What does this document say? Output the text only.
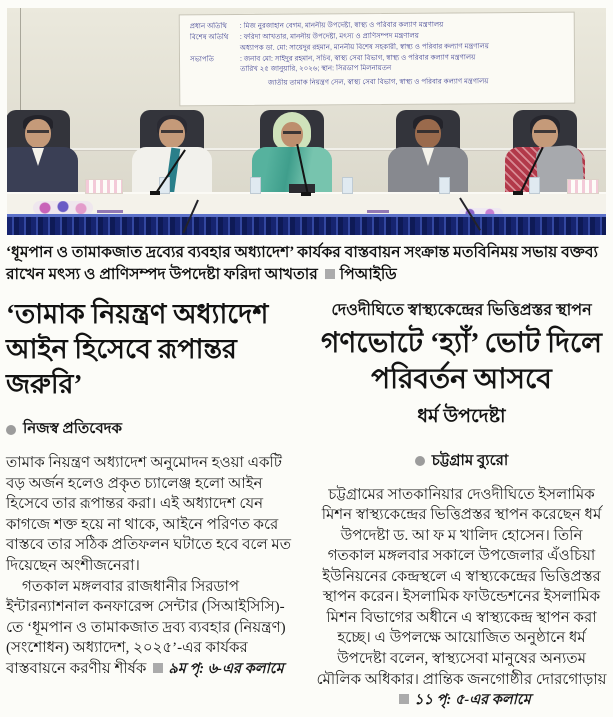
প্রধান অতিথি	: মিজ নুরজাহান বেগম, মাননীয় উপদেষ্টা, স্বাস্থ্য ও পরিবার কল্যাণ মন্ত্রণালয়
বিশেষ অতিথি	: ফরিদা আখতার, মাননীয় উপদেষ্টা, মৎস্য ও প্রাণিসম্পদ মন্ত্রণালয়
অধ্যাপক ডা. মো: সায়েদুর রহমান, মাননীয় বিশেষ সহকারী, স্বাস্থ্য ও পরিবার কল্যাণ মন্ত্রণালয়
সভাপতি	: জনাব মো: সাইদুর রহমান, সচিব, স্বাস্থ্য সেবা বিভাগ, স্বাস্থ্য ও পরিবার কল্যাণ মন্ত্রণালয়
তারিখ ২৫ জানুয়ারি, ২০২৬; স্থান: সিরডাপ মিলনায়তন
জাতীয় তামাক নিয়ন্ত্রণ সেল, স্বাস্থ্য সেবা বিভাগ, স্বাস্থ্য ও পরিবার কল্যাণ মন্ত্রণালয়
‘ধূমপান ও তামাকজাত দ্রব্যের ব্যবহার অধ্যাদেশ’ কার্যকর বাস্তবায়ন সংক্রান্ত মতবিনিময় সভায় বক্তব্য রাখেন মৎস্য ও প্রাণিসম্পদ উপদেষ্টা ফরিদা আখতার পিআইডি
‘তামাক নিয়ন্ত্রণ অধ্যাদেশ আইন হিসেবে রূপান্তর জরুরি’
নিজস্ব প্রতিবেদক

তামাক নিয়ন্ত্রণ অধ্যাদেশ অনুমোদন হওয়া একটি বড় অর্জন হলেও প্রকৃত চ্যালেঞ্জ হলো আইন হিসেবে তার রূপান্তর করা। এই অধ্যাদেশ যেন কাগজে শক্ত হয়ে না থাকে, আইনে পরিণত করে বাস্তবে তার সঠিক প্রতিফলন ঘটাতে হবে বলে মত দিয়েছেন অংশীজনেরা।

গতকাল মঙ্গলবার রাজধানীর সিরডাপ ইন্টারন্যাশনাল কনফারেন্স সেন্টার (সিআইসিসি)-তে ‘ধূমপান ও তামাকজাত দ্রব্য ব্যবহার (নিয়ন্ত্রণ) (সংশোধন) অধ্যাদেশ, ২০২৫’-এর কার্যকর বাস্তবায়নে করণীয় শীর্ষক ৯ম পৃ: ৬-এর কলামে

দেওদীঘিতে স্বাস্থ্যকেন্দ্রের ভিত্তিপ্রস্তর স্থাপন
গণভোটে ‘হ্যাঁ’ ভোট দিলে পরিবর্তন আসবে
ধর্ম উপদেষ্টা
চট্টগ্রাম ব্যুরো

চট্টগ্রামের সাতকানিয়ার দেওদীঘিতে ইসলামিক মিশন স্বাস্থ্যকেন্দ্রের ভিত্তিপ্রস্তর স্থাপন করেছেন ধর্ম উপদেষ্টা ড. আ ফ ম খালিদ হোসেন। তিনি গতকাল মঙ্গলবার সকালে উপজেলার এঁওচিয়া ইউনিয়নের কেন্দ্রস্থলে এ স্বাস্থ্যকেন্দ্রের ভিত্তিপ্রস্তর স্থাপন করেন। ইসলামিক ফাউন্ডেশনের ইসলামিক মিশন বিভাগের অধীনে এ স্বাস্থ্যকেন্দ্র স্থাপন করা হচ্ছে। এ উপলক্ষে আয়োজিত অনুষ্ঠানে ধর্ম উপদেষ্টা বলেন, স্বাস্থ্যসেবা মানুষের অন্যতম মৌলিক অধিকার। প্রান্তিক জনগোষ্ঠীর দোরগোড়ায়১১ পৃ: ৫-এর কলামে
